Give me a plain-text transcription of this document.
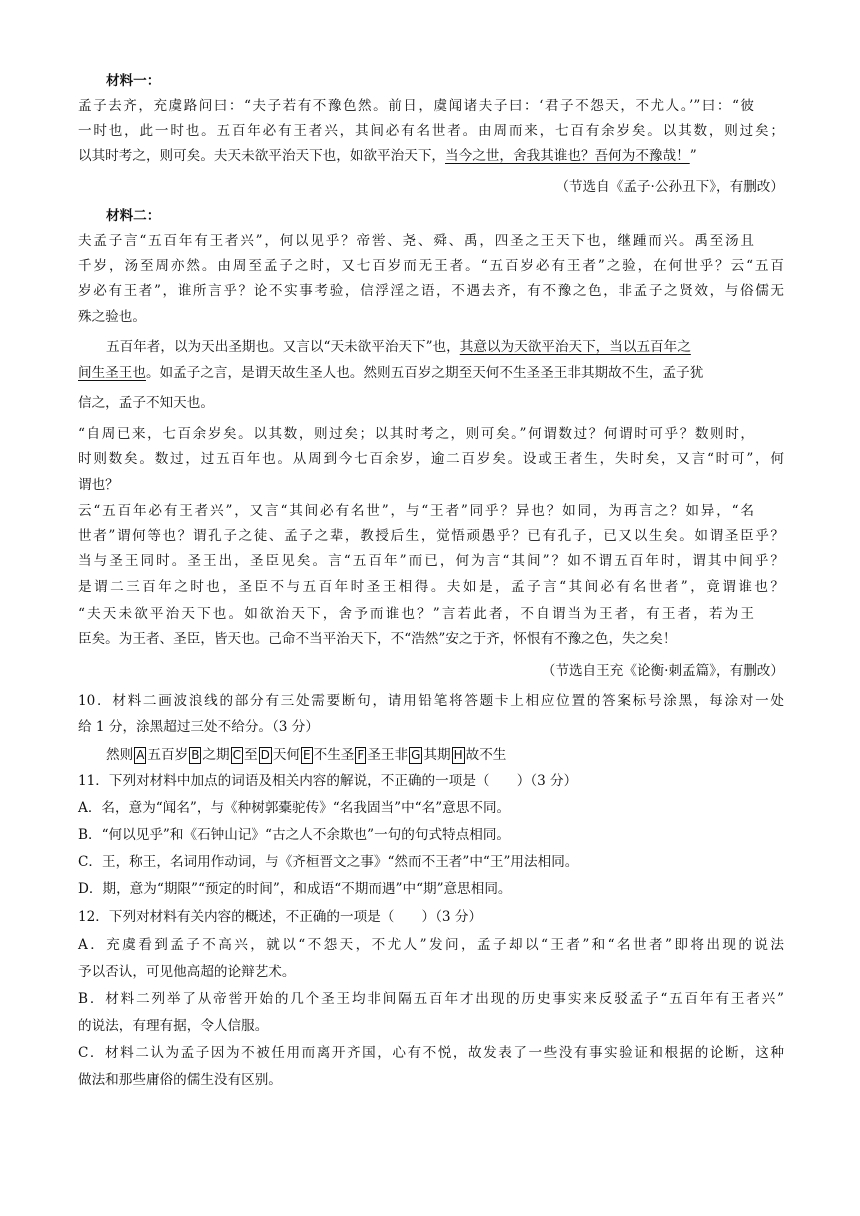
材料一：
孟子去齐，充虞路问曰：“夫子若有不豫色然。前日，虞闻诸夫子曰：‘君子不怨天，不尤人。’”曰：“彼
一时也，此一时也。五百年必有王者兴，其间必有名世者。由周而来，七百有余岁矣。以其数，则过矣；
以其时考之，则可矣。夫天未欲平治天下也，如欲平治天下，当今之世，舍我其谁也？吾何为不豫哉！”
（节选自《孟子·公孙丑下》，有删改）
材料二：
夫孟子言“五百年有王者兴”，何以见乎？帝喾、尧、舜、禹，四圣之王天下也，继踵而兴。禹至汤且
千岁，汤至周亦然。由周至孟子之时，又七百岁而无王者。“五百岁必有王者”之验，在何世乎？云“五百
岁必有王者”，谁所言乎？论不实事考验，信浮淫之语，不遇去齐，有不豫之色，非孟子之贤效，与俗儒无
殊之验也。
五百年者，以为天出圣期也。又言以“天未欲平治天下”也，其意以为天欲平治天下，当以五百年之
间生圣王也。如孟子之言，是谓天故生圣人也。然则五百岁之期至天何不生圣圣王非其期故不生，孟子犹
信之，孟子不知天也。
“自周已来，七百余岁矣。以其数，则过矣；以其时考之，则可矣。”何谓数过？何谓时可乎？数则时，
时则数矣。数过，过五百年也。从周到今七百余岁，逾二百岁矣。设或王者生，失时矣，又言“时可”，何
谓也？
云“五百年必有王者兴”，又言“其间必有名世”，与“王者”同乎？异也？如同，为再言之？如异，“名
世者”谓何等也？谓孔子之徒、孟子之辈，教授后生，觉悟顽愚乎？已有孔子，已又以生矣。如谓圣臣乎？
当与圣王同时。圣王出，圣臣见矣。言“五百年”而已，何为言“其间”？如不谓五百年时，谓其中间乎？
是谓二三百年之时也，圣臣不与五百年时圣王相得。夫如是，孟子言“其间必有名世者”，竟谓谁也？
“夫天未欲平治天下也。如欲治天下，舍予而谁也？”言若此者，不自谓当为王者，有王者，若为王
臣矣。为王者、圣臣，皆天也。己命不当平治天下，不“浩然”安之于齐，怀恨有不豫之色，失之矣！
（节选自王充《论衡·刺孟篇》，有删改）
10．材料二画波浪线的部分有三处需要断句，请用铅笔将答题卡上相应位置的答案标号涂黑，每涂对一处
给 1 分，涂黑超过三处不给分。（3 分）
然则 A 五百岁 B 之期 C 至 D 天何 E 不生圣 F 圣王非 G 其期 H 故不生
11．下列对材料中加点的词语及相关内容的解说，不正确的一项是（　　）（3 分）
A．名，意为“闻名”，与《种树郭橐驼传》“名我固当”中“名”意思不同。
B．“何以见乎”和《石钟山记》“古之人不余欺也”一句的句式特点相同。
C．王，称王，名词用作动词，与《齐桓晋文之事》“然而不王者”中“王”用法相同。
D．期，意为“期限”“预定的时间”，和成语“不期而遇”中“期”意思相同。
12．下列对材料有关内容的概述，不正确的一项是（　　）（3 分）
A．充虞看到孟子不高兴，就以“不怨天，不尤人”发问，孟子却以“王者”和“名世者”即将出现的说法
予以否认，可见他高超的论辩艺术。
B．材料二列举了从帝喾开始的几个圣王均非间隔五百年才出现的历史事实来反驳孟子“五百年有王者兴”
的说法，有理有据，令人信服。
C．材料二认为孟子因为不被任用而离开齐国，心有不悦，故发表了一些没有事实验证和根据的论断，这种
做法和那些庸俗的儒生没有区别。
